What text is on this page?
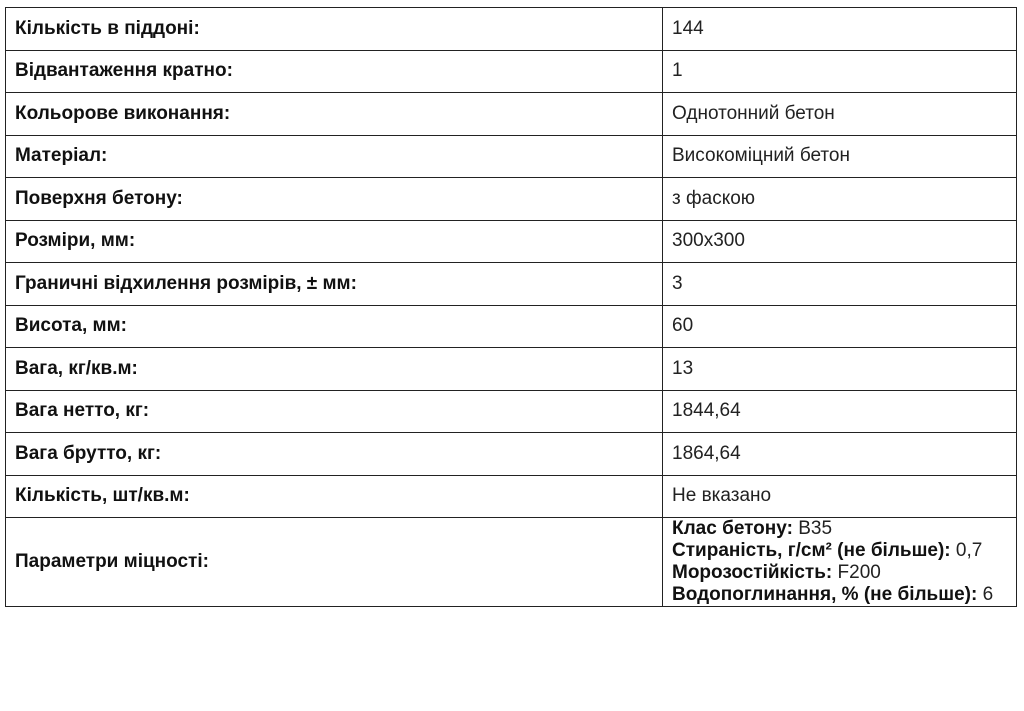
Кількість в піддоні:	144
Відвантаження кратно:	1
Кольорове виконання:	Однотонний бетон
Матеріал:	Високоміцний бетон
Поверхня бетону:	з фаскою
Розміри, мм:	300x300
Граничні відхилення розмірів, ± мм:	3
Висота, мм:	60
Вага, кг/кв.м:	13
Вага нетто, кг:	1844,64
Вага брутто, кг:	1864,64
Кількість, шт/кв.м:	Не вказано
Параметри міцності:	Клас бетону: B35
Стираність, г/см² (не більше): 0,7
Морозостійкість: F200
Водопоглинання, % (не більше): 6
